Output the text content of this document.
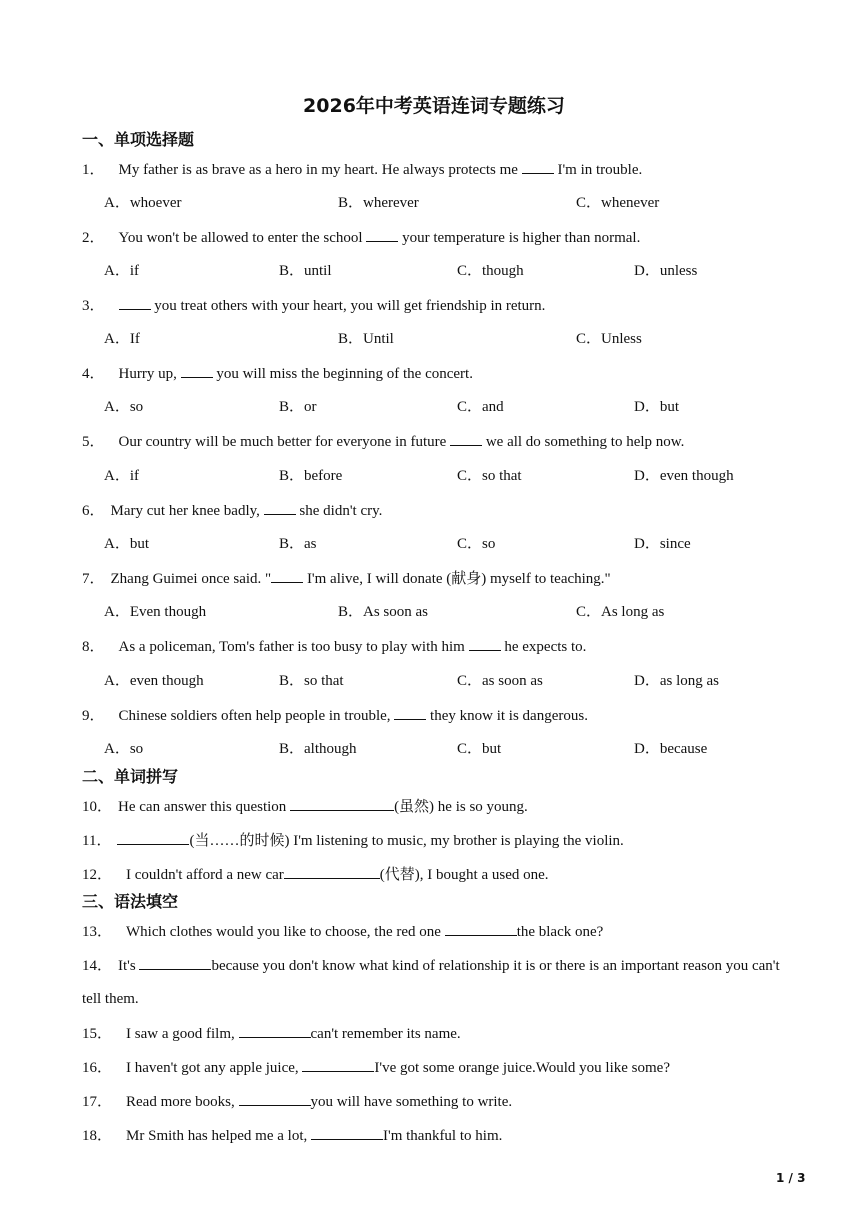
2026年中考英语连词专题练习
一、单项选择题
1． My father is as brave as a hero in my heart. He always protects me  I'm in trouble.
A．whoever	B．wherever	C．whenever
2． You won't be allowed to enter the school  your temperature is higher than normal.
A．if	B．until	C．though	D．unless
3．	you treat others with your heart, you will get friendship in return.
A．If	B．Until	C．Unless
4． Hurry up,  you will miss the beginning of the concert.
A．so	B．or	C．and	D．but
5． Our country will be much better for everyone in future  we all do something to help now.
A．if	B．before	C．so that	D．even though
6． Mary cut her knee badly,  she didn't cry.
A．but	B．as	C．so	D．since
7． Zhang Guimei once said. " I'm alive, I will donate (献身) myself to teaching."
A．Even though	B．As soon as	C．As long as
8． As a policeman, Tom's father is too busy to play with him  he expects to.
A．even though	B．so that	C．as soon as	D．as long as
9． Chinese soldiers often help people in trouble,  they know it is dangerous.
A．so	B．although	C．but	D．because
二、单词拼写
10． He can answer this question	(虽然) he is so young.
11．	(当……的时候) I'm listening to music, my brother is playing the violin.
12． I couldn't afford a new car	(代替), I bought a used one.
三、语法填空
13． Which clothes would you like to choose, the red one	the black one?
14． It's	because you don't know what kind of relationship it is or there is an important reason you can't
tell them.
15． I saw a good film,	can't remember its name.
16． I haven't got any apple juice,	I've got some orange juice.Would you like some?
17． Read more books,	you will have something to write.
18． Mr Smith has helped me a lot,	I'm thankful to him.
1 / 3
